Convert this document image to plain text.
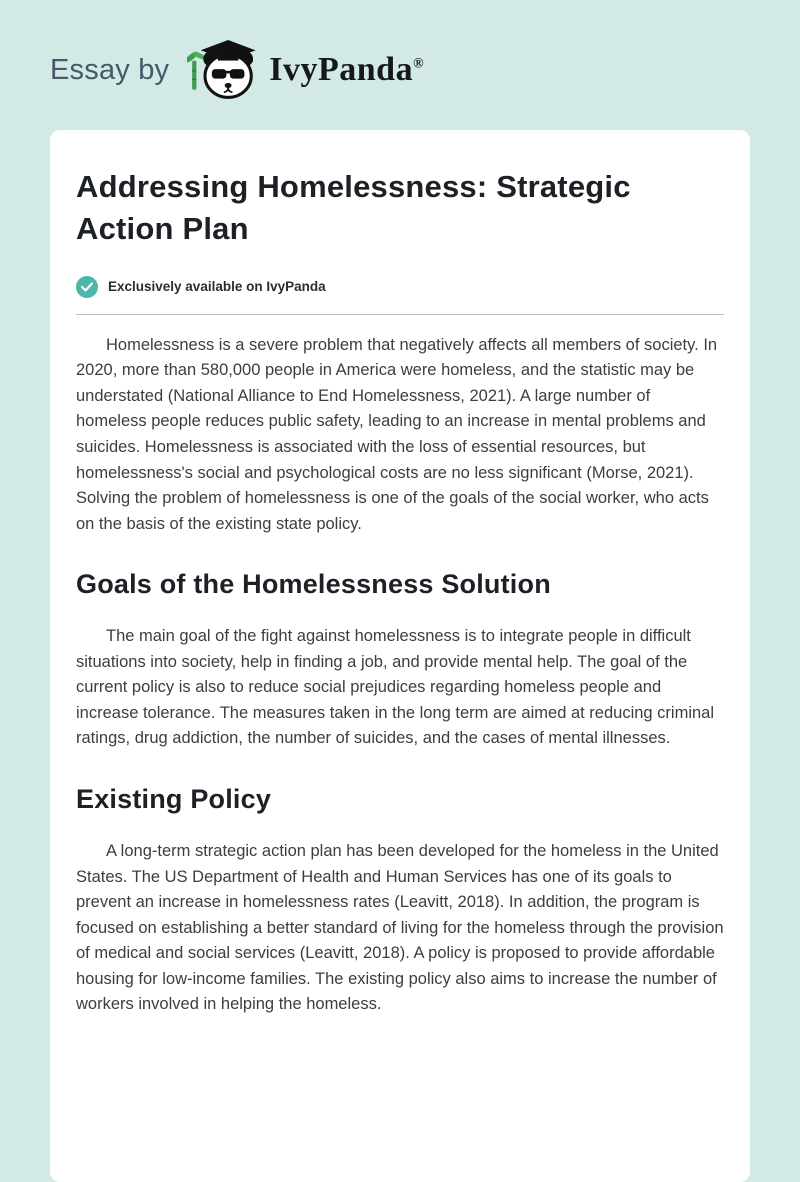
Essay by	IvyPanda®
Addressing Homelessness: Strategic Action Plan
Exclusively available on IvyPanda

Homelessness is a severe problem that negatively affects all members of society. In 2020, more than 580,000 people in America were homeless, and the statistic may be understated (National Alliance to End Homelessness, 2021). A large number of homeless people reduces public safety, leading to an increase in mental problems and suicides. Homelessness is associated with the loss of essential resources, but homelessness's social and psychological costs are no less significant (Morse, 2021). Solving the problem of homelessness is one of the goals of the social worker, who acts on the basis of the existing state policy.

Goals of the Homelessness Solution

The main goal of the fight against homelessness is to integrate people in difficult situations into society, help in finding a job, and provide mental help. The goal of the current policy is also to reduce social prejudices regarding homeless people and increase tolerance. The measures taken in the long term are aimed at reducing criminal ratings, drug addiction, the number of suicides, and the cases of mental illnesses.

Existing Policy

A long-term strategic action plan has been developed for the homeless in the United States. The US Department of Health and Human Services has one of its goals to prevent an increase in homelessness rates (Leavitt, 2018). In addition, the program is focused on establishing a better standard of living for the homeless through the provision of medical and social services (Leavitt, 2018). A policy is proposed to provide affordable housing for low-income families. The existing policy also aims to increase the number of workers involved in helping the homeless.
